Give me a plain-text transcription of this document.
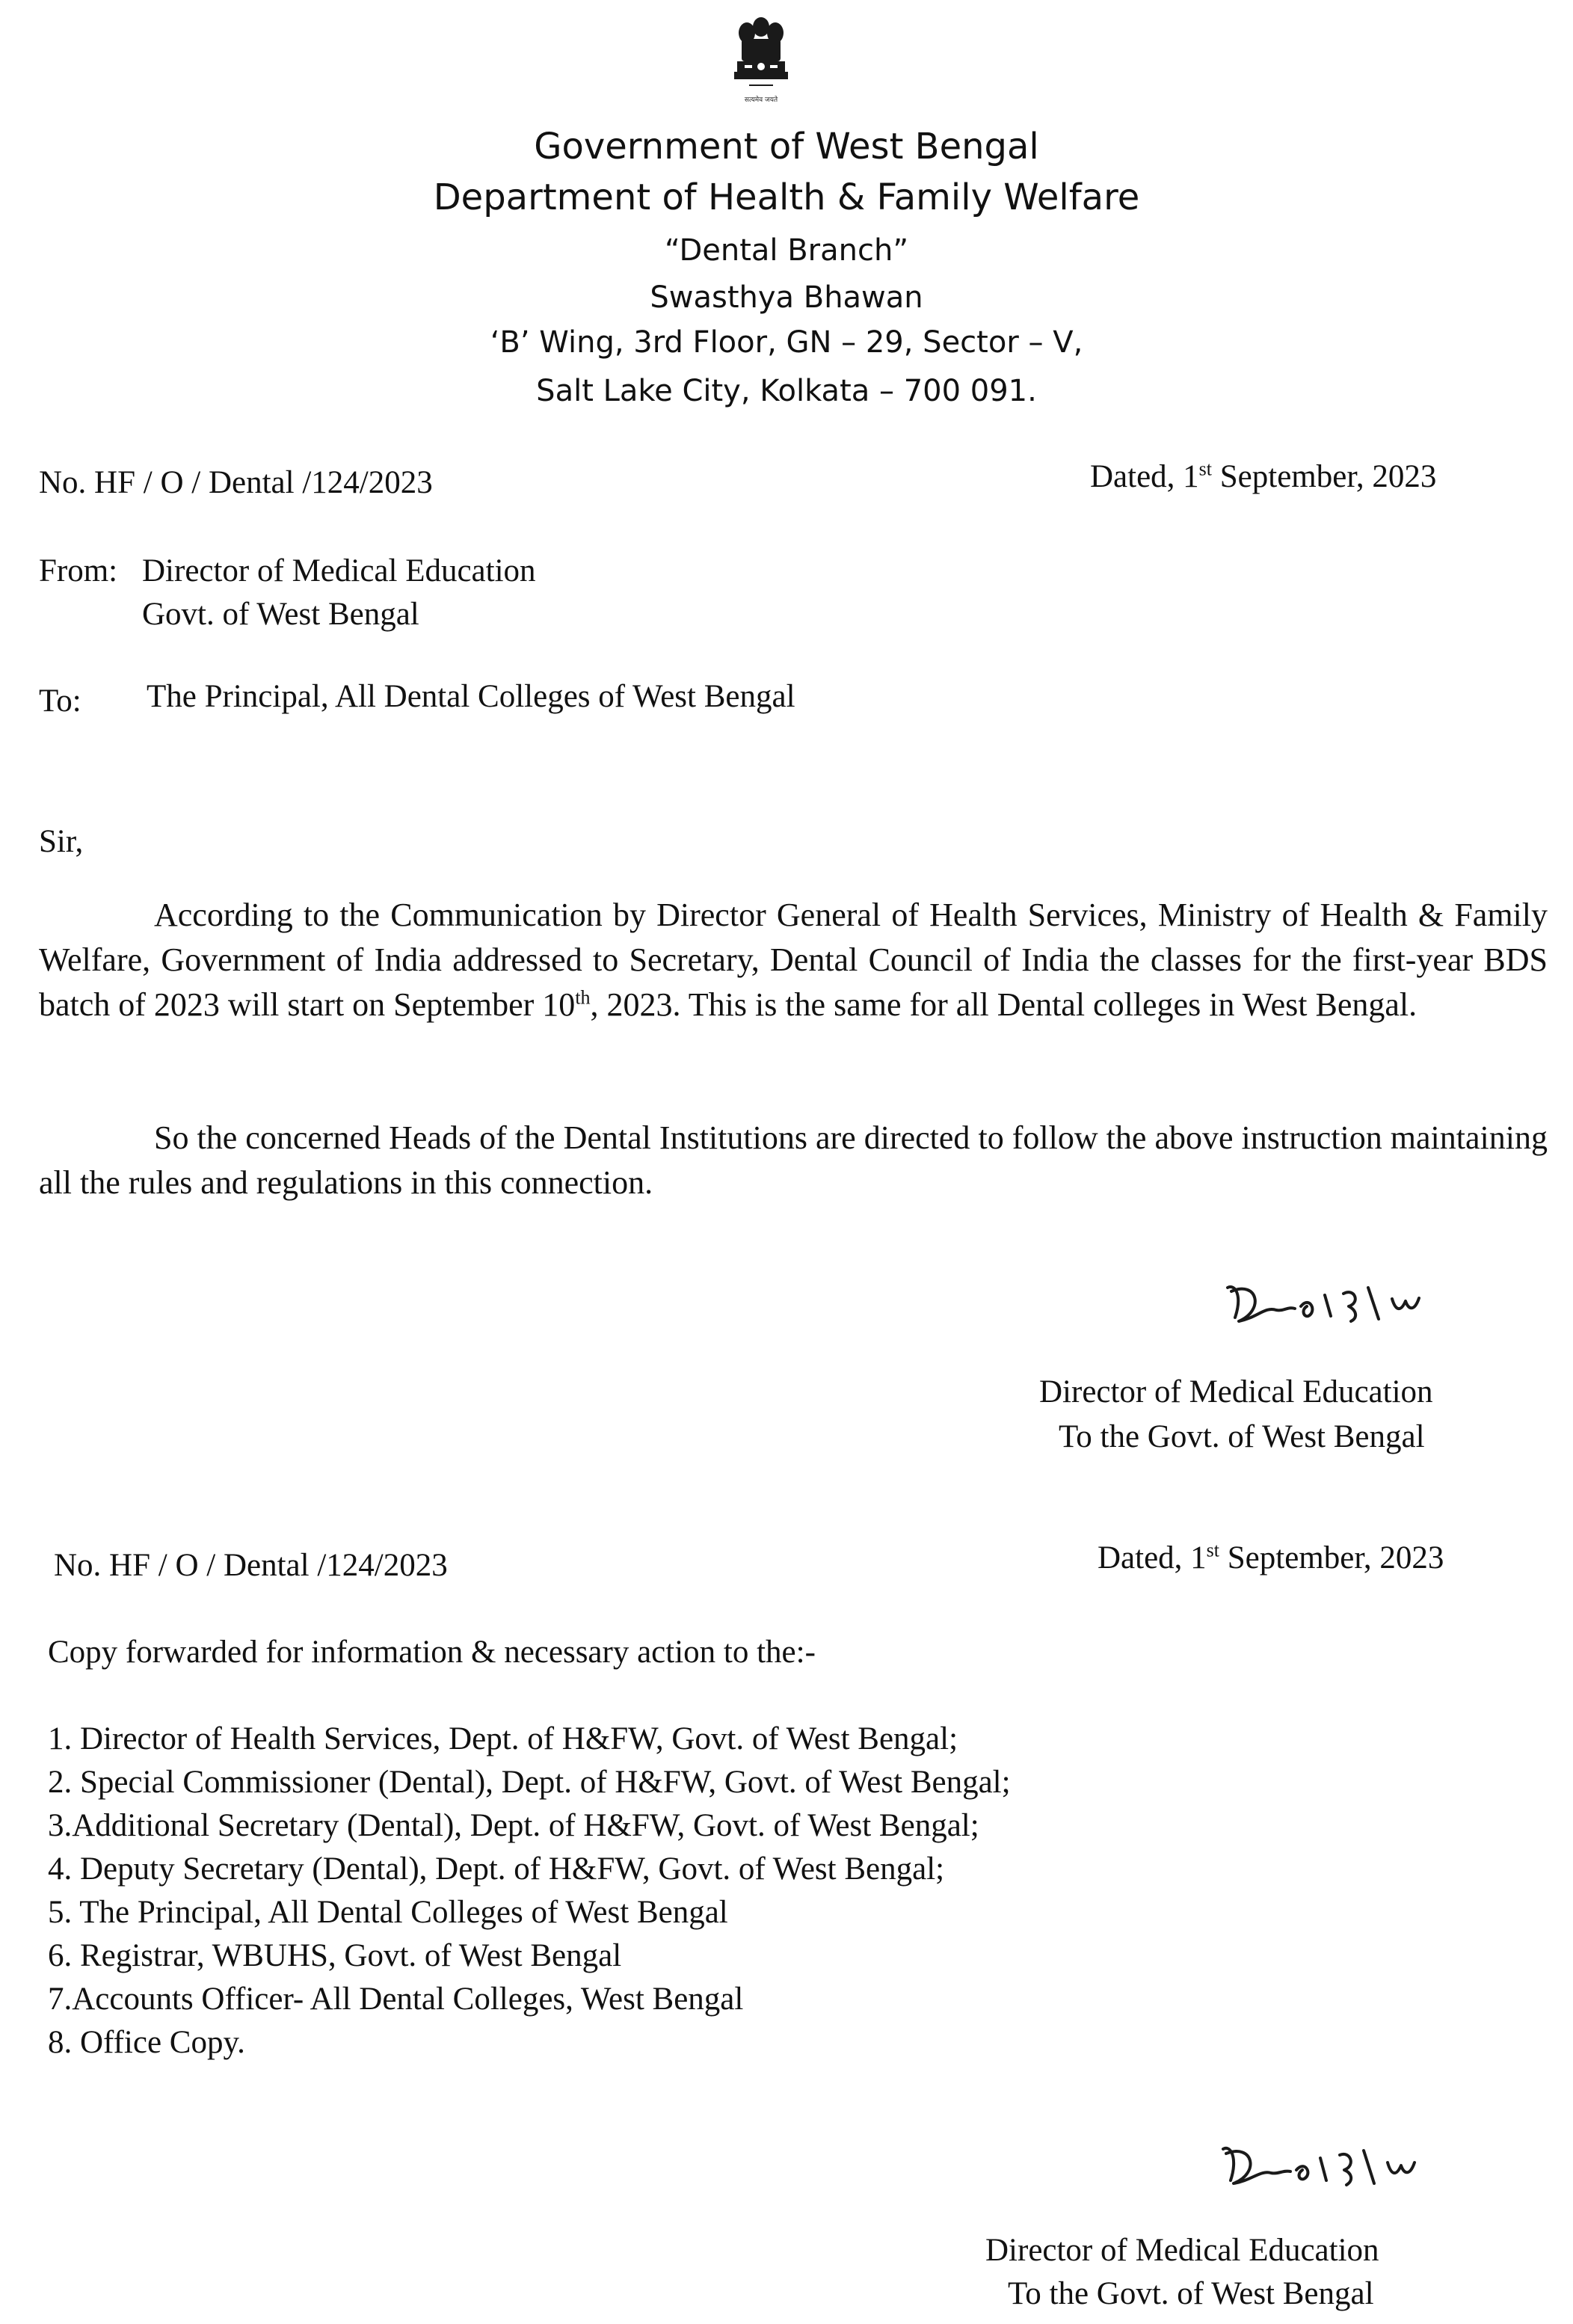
सत्यमेव जयते
Government of West Bengal
Department of Health & Family Welfare
“Dental Branch”
Swasthya Bhawan
‘B’ Wing, 3rd Floor, GN – 29, Sector – V,
Salt Lake City, Kolkata – 700 091.
No. HF / O / Dental /124/2023	Dated, 1st September, 2023
From: Director of Medical Education
Govt. of West Bengal
To: The Principal, All Dental Colleges of West Bengal
Sir,
According to the Communication by Director General of Health Services, Ministry of Health & Family Welfare, Government of India addressed to Secretary, Dental Council of India the classes for the first-year BDS batch of 2023 will start on September 10th, 2023. This is the same for all Dental colleges in West Bengal.
So the concerned Heads of the Dental Institutions are directed to follow the above instruction maintaining all the rules and regulations in this connection.
Director of Medical Education
To the Govt. of West Bengal
No. HF / O / Dental /124/2023	Dated, 1st September, 2023
Copy forwarded for information & necessary action to the:-
1. Director of Health Services, Dept. of H&FW, Govt. of West Bengal;
2. Special Commissioner (Dental), Dept. of H&FW, Govt. of West Bengal;
3.Additional Secretary (Dental), Dept. of H&FW, Govt. of West Bengal;
4. Deputy Secretary (Dental), Dept. of H&FW, Govt. of West Bengal;
5. The Principal, All Dental Colleges of West Bengal
6. Registrar, WBUHS, Govt. of West Bengal
7.Accounts Officer- All Dental Colleges, West Bengal
8. Office Copy.
Director of Medical Education
To the Govt. of West Bengal
